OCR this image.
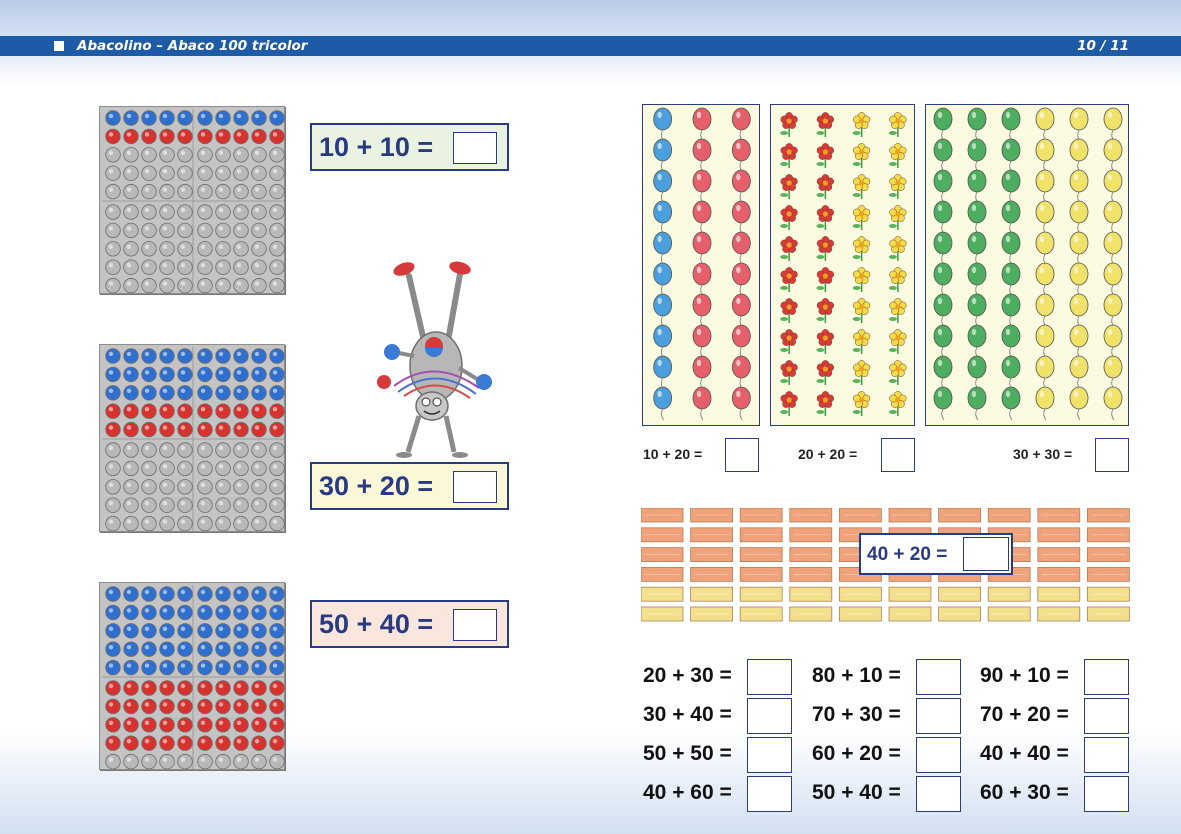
Abacolino – Abaco 100 tricolor	10 / 11
10 + 10 =
30 + 20 =
50 + 40 =
10 + 20 =	20 + 20 =	30 + 30 =
40 + 20 =
20 + 30 =	80 + 10 =	90 + 10 =
30 + 40 =	70 + 30 =	70 + 20 =
50 + 50 =	60 + 20 =	40 + 40 =
40 + 60 =	50 + 40 =	60 + 30 =
